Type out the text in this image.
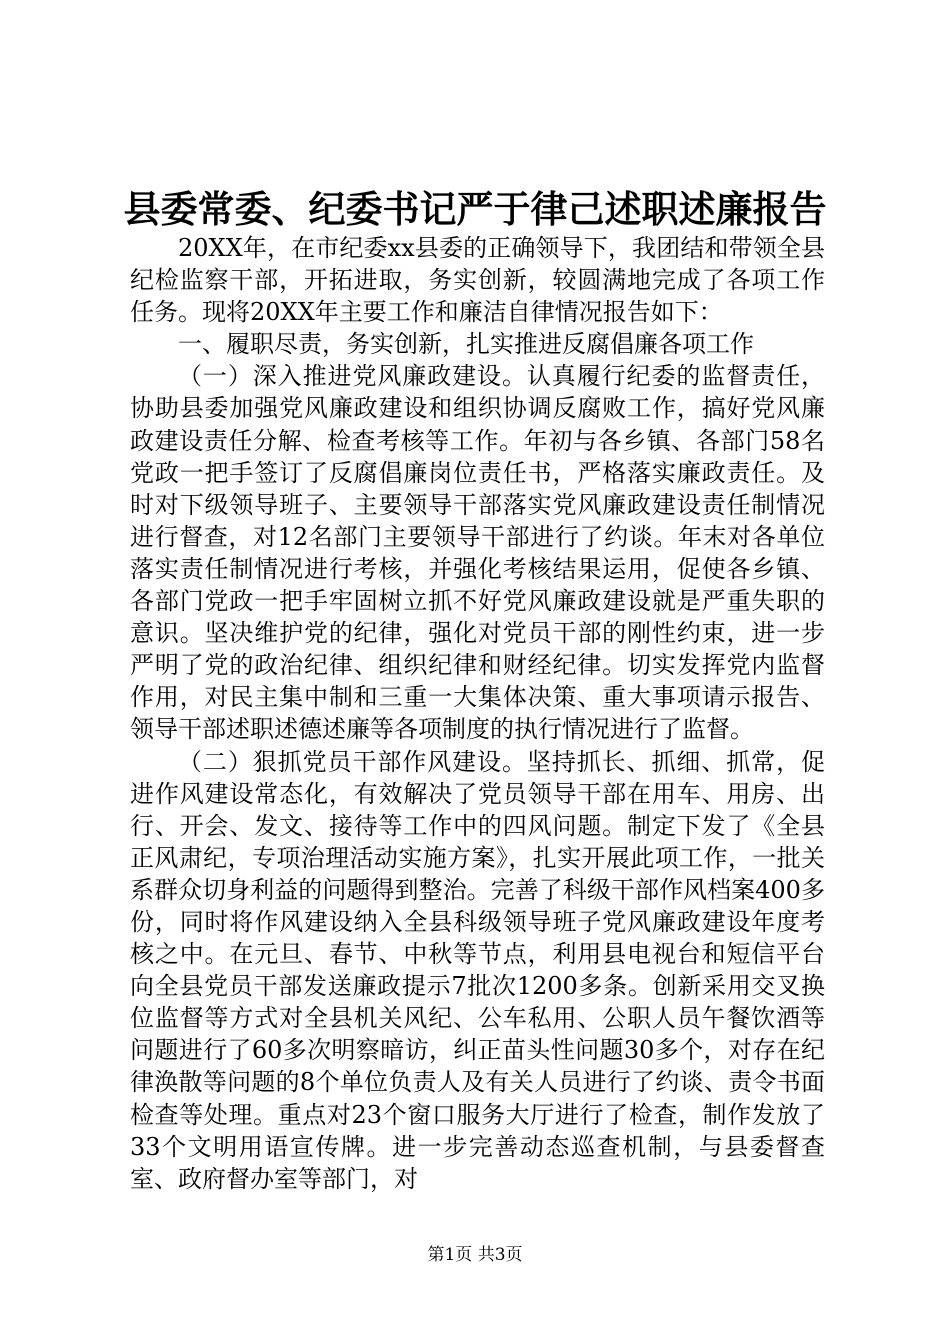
县委常委、纪委书记严于律己述职述廉报告

20XX年，在市纪委xx县委的正确领导下，我团结和带领全县纪检监察干部，开拓进取，务实创新，较圆满地完成了各项工作任务。现将20XX年主要工作和廉洁自律情况报告如下：

一、履职尽责，务实创新，扎实推进反腐倡廉各项工作

（一）深入推进党风廉政建设。认真履行纪委的监督责任，协助县委加强党风廉政建设和组织协调反腐败工作，搞好党风廉政建设责任分解、检查考核等工作。年初与各乡镇、各部门58名党政一把手签订了反腐倡廉岗位责任书，严格落实廉政责任。及时对下级领导班子、主要领导干部落实党风廉政建设责任制情况进行督查，对12名部门主要领导干部进行了约谈。年末对各单位落实责任制情况进行考核，并强化考核结果运用，促使各乡镇、各部门党政一把手牢固树立抓不好党风廉政建设就是严重失职的意识。坚决维护党的纪律，强化对党员干部的刚性约束，进一步严明了党的政治纪律、组织纪律和财经纪律。切实发挥党内监督作用，对民主集中制和三重一大集体决策、重大事项请示报告、领导干部述职述德述廉等各项制度的执行情况进行了监督。

（二）狠抓党员干部作风建设。坚持抓长、抓细、抓常，促进作风建设常态化，有效解决了党员领导干部在用车、用房、出行、开会、发文、接待等工作中的四风问题。制定下发了《全县正风肃纪，专项治理活动实施方案》，扎实开展此项工作，一批关系群众切身利益的问题得到整治。完善了科级干部作风档案400多份，同时将作风建设纳入全县科级领导班子党风廉政建设年度考核之中。在元旦、春节、中秋等节点，利用县电视台和短信平台向全县党员干部发送廉政提示7批次1200多条。创新采用交叉换位监督等方式对全县机关风纪、公车私用、公职人员午餐饮酒等问题进行了60多次明察暗访，纠正苗头性问题30多个，对存在纪律涣散等问题的8个单位负责人及有关人员进行了约谈、责令书面检查等处理。重点对23个窗口服务大厅进行了检查，制作发放了33个文明用语宣传牌。进一步完善动态巡查机制，与县委督查室、政府督办室等部门，对

第1页 共3页
